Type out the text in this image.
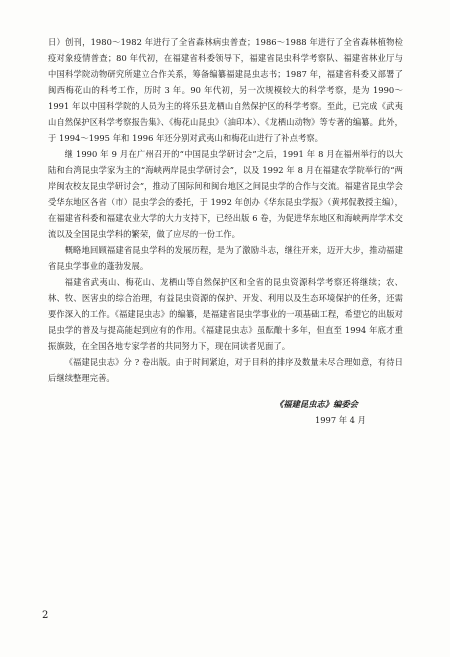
日）创刊，1980～1982 年进行了全省森林病虫普查；1986～1988 年进行了全省森林植物检疫对象疫情普查；80 年代初，在福建省科委领导下，福建省昆虫科学考察队、福建省林业厅与中国科学院动物研究所建立合作关系，筹备编纂福建昆虫志书；1987 年，福建省科委又部署了闽西梅花山的科考工作，历时 3 年。90 年代初，另一次规模较大的科学考察，是为 1990～1991 年以中国科学院的人员为主的将乐县龙栖山自然保护区的科学考察。至此，已完成《武夷山自然保护区科学考察报告集》、《梅花山昆虫》（油印本）、《龙栖山动物》等专著的编纂。此外，于 1994～1995 年和 1996 年还分别对武夷山和梅花山进行了补点考察。

继 1990 年 9 月在广州召开的“中国昆虫学研讨会”之后，1991 年 8 月在福州举行的以大陆和台湾昆虫学家为主的“海峡两岸昆虫学研讨会”，以及 1992 年 8 月在福建农学院举行的“两岸闽农校友昆虫学研讨会”，推动了国际间和闽台地区之间昆虫学的合作与交流。福建省昆虫学会受华东地区各省（市）昆虫学会的委托，于 1992 年创办《华东昆虫学报》（黄邦侃教授主编），在福建省科委和福建农业大学的大力支持下，已经出版 6 卷，为促进华东地区和海峡两岸学术交流以及全国昆虫学科的繁荣，做了应尽的一份工作。

概略地回顾福建省昆虫学科的发展历程，是为了激励斗志，继往开来，迈开大步，推动福建省昆虫学事业的蓬勃发展。

福建省武夷山、梅花山、龙栖山等自然保护区和全省的昆虫资源科学考察还将继续；农、林、牧、医害虫的综合治理，有益昆虫资源的保护、开发、利用以及生态环境保护的任务，还需要作深入的工作。《福建昆虫志》的编纂，是福建省昆虫学事业的一项基础工程，希望它的出版对昆虫学的普及与提高能起到应有的作用。《福建昆虫志》虽酝酿十多年，但直至 1994 年底才重振旗鼓，在全国各地专家学者的共同努力下，现在同读者见面了。

《福建昆虫志》分 ? 卷出版。由于时间紧迫，对于目科的排序及数量未尽合理如意，有待日后继续整理完善。

《福建昆虫志》编委会
1997 年 4 月
2
